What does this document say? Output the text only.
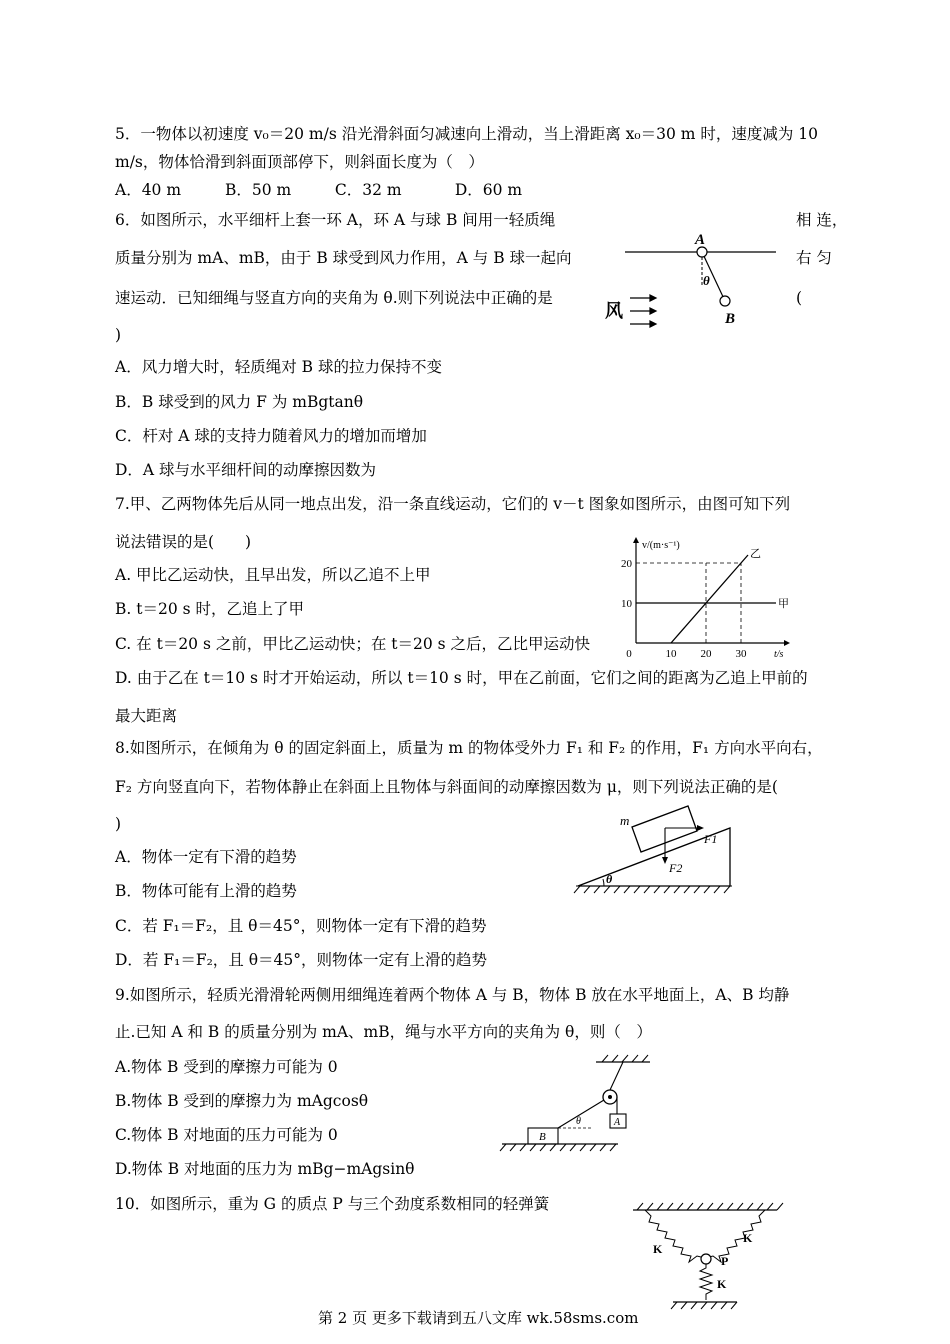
5．一物体以初速度 v₀＝20 m/s 沿光滑斜面匀减速向上滑动，当上滑距离 x₀＝30 m 时，速度减为 10
m/s，物体恰滑到斜面顶部停下，则斜面长度为（　）
A．40 m	B．50 m	C．32 m	D．60 m
6．如图所示，水平细杆上套一环 A，环 A 与球 B 间用一轻质绳	相 连，
质量分别为 mA、mB，由于 B 球受到风力作用，A 与 B 球一起向	右 匀
速运动．已知细绳与竖直方向的夹角为 θ.则下列说法中正确的是	(
)
A．风力增大时，轻质绳对 B 球的拉力保持不变
B．B 球受到的风力 F 为 mBgtanθ
C．杆对 A 球的支持力随着风力的增加而增加
D．A 球与水平细杆间的动摩擦因数为
A
B
θ
风
7.甲、乙两物体先后从同一地点出发，沿一条直线运动，它们的 v－t 图象如图所示，由图可知下列
说法错误的是(　　)
A. 甲比乙运动快，且早出发，所以乙追不上甲
B. t＝20 s 时，乙追上了甲
C. 在 t＝20 s 之前，甲比乙运动快；在 t＝20 s 之后，乙比甲运动快
D. 由于乙在 t＝10 s 时才开始运动，所以 t＝10 s 时，甲在乙前面，它们之间的距离为乙追上甲前的
最大距离
v/(m·s⁻¹)
t/s
10
20
10 20 30
0
甲
乙
8.如图所示，在倾角为 θ 的固定斜面上，质量为 m 的物体受外力 F₁ 和 F₂ 的作用，F₁ 方向水平向右，
F₂ 方向竖直向下，若物体静止在斜面上且物体与斜面间的动摩擦因数为 μ，则下列说法正确的是(
)
A．物体一定有下滑的趋势
B．物体可能有上滑的趋势
C．若 F₁＝F₂，且 θ＝45°，则物体一定有下滑的趋势
D．若 F₁＝F₂，且 θ＝45°，则物体一定有上滑的趋势
m
F1
F2
θ
9.如图所示，轻质光滑滑轮两侧用细绳连着两个物体 A 与 B，物体 B 放在水平地面上，A、B 均静
止.已知 A 和 B 的质量分别为 mA、mB，绳与水平方向的夹角为 θ，则（　）
A.物体 B 受到的摩擦力可能为 0
B.物体 B 受到的摩擦力为 mAgcosθ
C.物体 B 对地面的压力可能为 0
D.物体 B 对地面的压力为 mBg−mAgsinθ
A
θ
B
10．如图所示，重为 G 的质点 P 与三个劲度系数相同的轻弹簧
K
K
K
P
第 2 页 更多下载请到五八文库 wk.58sms.com
